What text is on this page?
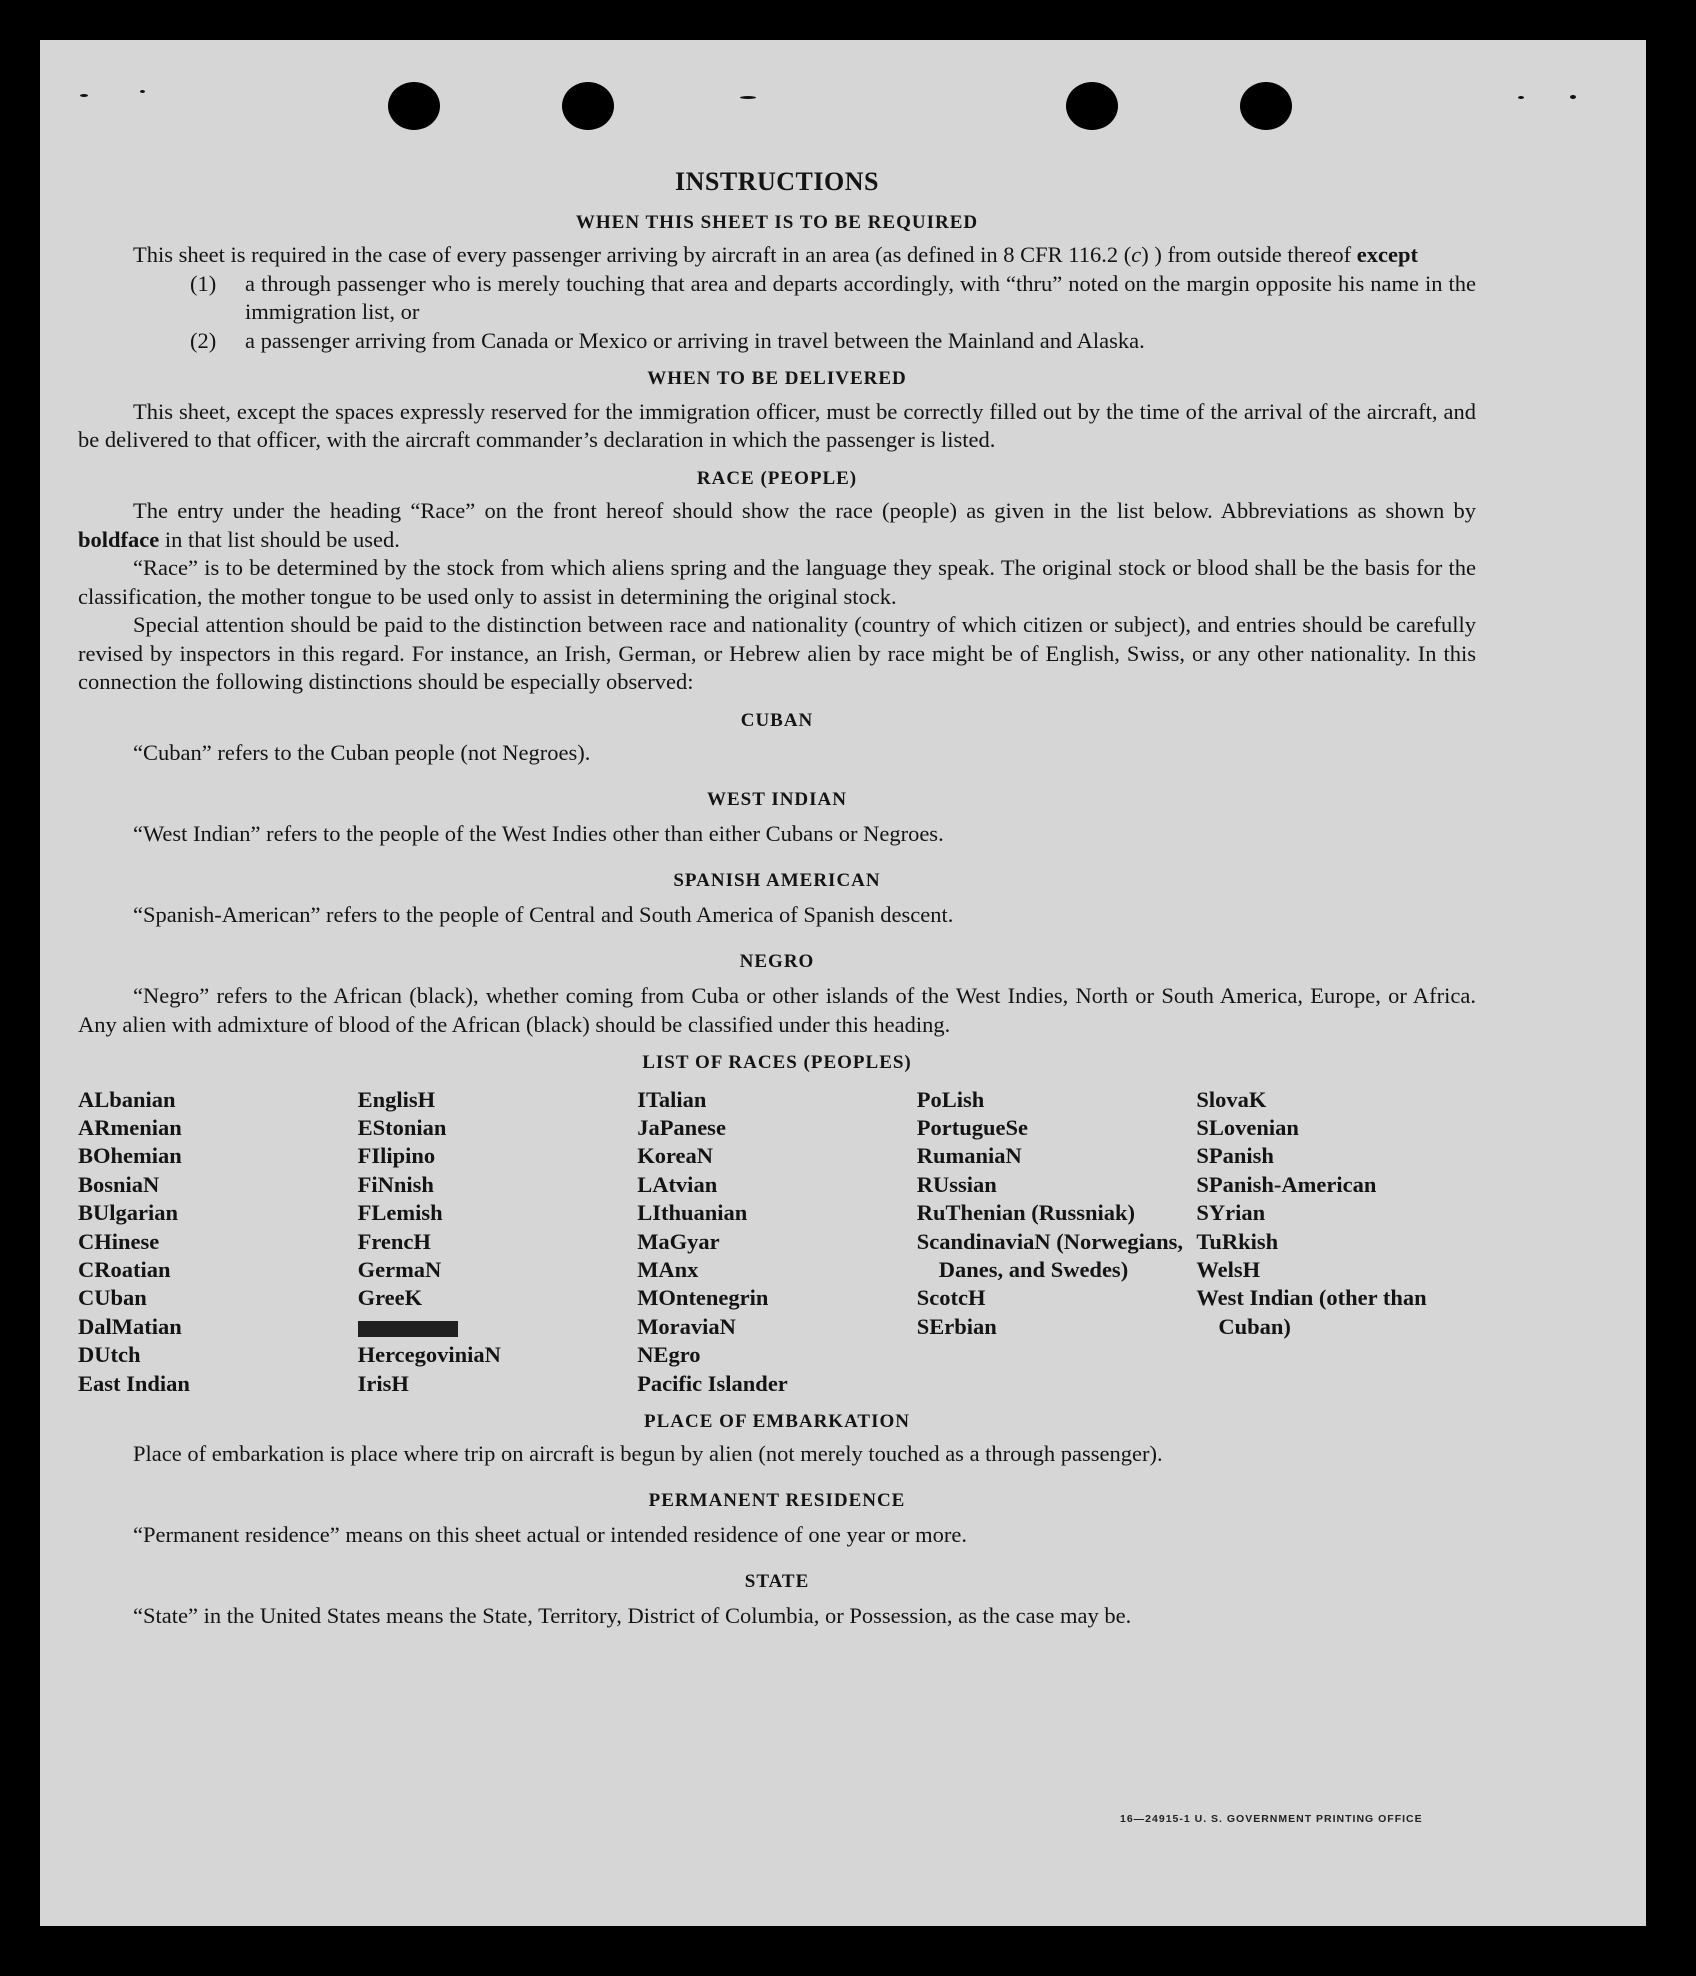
INSTRUCTIONS
WHEN THIS SHEET IS TO BE REQUIRED

This sheet is required in the case of every passenger arriving by aircraft in an area (as defined in 8 CFR 116.2 (c) ) from outside thereof except

(1)	a through passenger who is merely touching that area and departs accordingly, with “thru” noted on the margin opposite his name in the immigration list, or
(2)	a passenger arriving from Canada or Mexico or arriving in travel between the Mainland and Alaska.
WHEN TO BE DELIVERED

This sheet, except the spaces expressly reserved for the immigration officer, must be correctly filled out by the time of the arrival of the aircraft, and be delivered to that officer, with the aircraft commander’s declaration in which the passenger is listed.

RACE (PEOPLE)

The entry under the heading “Race” on the front hereof should show the race (people) as given in the list below. Abbreviations as shown by boldface in that list should be used.

“Race” is to be determined by the stock from which aliens spring and the language they speak. The original stock or blood shall be the basis for the classification, the mother tongue to be used only to assist in determining the original stock.

Special attention should be paid to the distinction between race and nationality (country of which citizen or subject), and entries should be carefully revised by inspectors in this regard. For instance, an Irish, German, or Hebrew alien by race might be of English, Swiss, or any other nationality. In this connection the following distinctions should be especially observed:

CUBAN

“Cuban” refers to the Cuban people (not Negroes).

WEST INDIAN

“West Indian” refers to the people of the West Indies other than either Cubans or Negroes.

SPANISH AMERICAN

“Spanish-American” refers to the people of Central and South America of Spanish descent.

NEGRO

“Negro” refers to the African (black), whether coming from Cuba or other islands of the West Indies, North or South America, Europe, or Africa. Any alien with admixture of blood of the African (black) should be classified under this heading.

LIST OF RACES (PEOPLES)
ALbanian
ARmenian
BOhemian
BosniaN
BUlgarian
CHinese
CRoatian
CUban
DalMatian
DUtch
East Indian
EnglisH
EStonian
FIlipino
FiNnish
FLemish
FrencH
GermaN
GreeK
HercegoviniaN
IrisH
ITalian
JaPanese
KoreaN
LAtvian
LIthuanian
MaGyar
MAnx
MOntenegrin
MoraviaN
NEgro
Pacific Islander
PoLish
PortugueSe
RumaniaN
RUssian
RuThenian (Russniak)
ScandinaviaN (Norwegians, Danes, and Swedes)
ScotcH
SErbian
SlovaK
SLovenian
SPanish
SPanish-American
SYrian
TuRkish
WelsH
West Indian (other than Cuban)
PLACE OF EMBARKATION

Place of embarkation is place where trip on aircraft is begun by alien (not merely touched as a through passenger).

PERMANENT RESIDENCE

“Permanent residence” means on this sheet actual or intended residence of one year or more.

STATE

“State” in the United States means the State, Territory, District of Columbia, or Possession, as the case may be.

16—24915-1 U. S. GOVERNMENT PRINTING OFFICE
